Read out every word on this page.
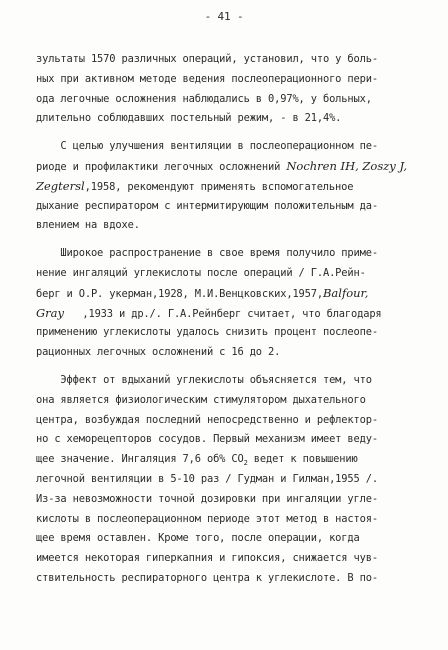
- 41 -
зультаты 1570 различных операций, установил, что у боль-
ных при активном методе ведения послеоперационного пери-
ода легочные осложнения наблюдались в 0,97%, у больных,
длительно соблюдавших постельный режим, - в 21,4%.
С целью улучшения вентиляции в послеоперационном пе-
риоде и профилактики легочных осложнений Nochren IH, Zoszy J,
Zegtersl,1958, рекомендуют применять вспомогательное
дыхание респиратором с интермитирующим положительным да-
влением на вдохе.
Широкое распространение в свое время получило приме-
нение ингаляций углекислоты после операций / Г.А.Рейн-
берг и О.Р. укерман,1928, М.И.Венцковских,1957,Balfour,
Gray   ,1933 и др./. Г.А.Рейнберг считает, что благодаря
применению углекислоты удалось снизить процент послеопе-
рационных легочных осложнений с 16 до 2.
Эффект от вдыханий углекислоты объясняется тем, что
она является физиологическим стимулятором дыхательного
центра, возбуждая последний непосредственно и рефлектор-
но с хеморецепторов сосудов. Первый механизм имеет веду-
щее значение. Ингаляция 7,6 об% $CO_2$ ведет к повышению
легочной вентиляции в 5-10 раз / Гудман и Гилман,1955 /.
Из-за невозможности точной дозировки при ингаляции угле-
кислоты в послеоперационном периоде этот метод в настоя-
щее время оставлен. Кроме того, после операции, когда
имеется некоторая гиперкапния и гипоксия, снижается чув-
ствительность респираторного центра к углекислоте. В по-
